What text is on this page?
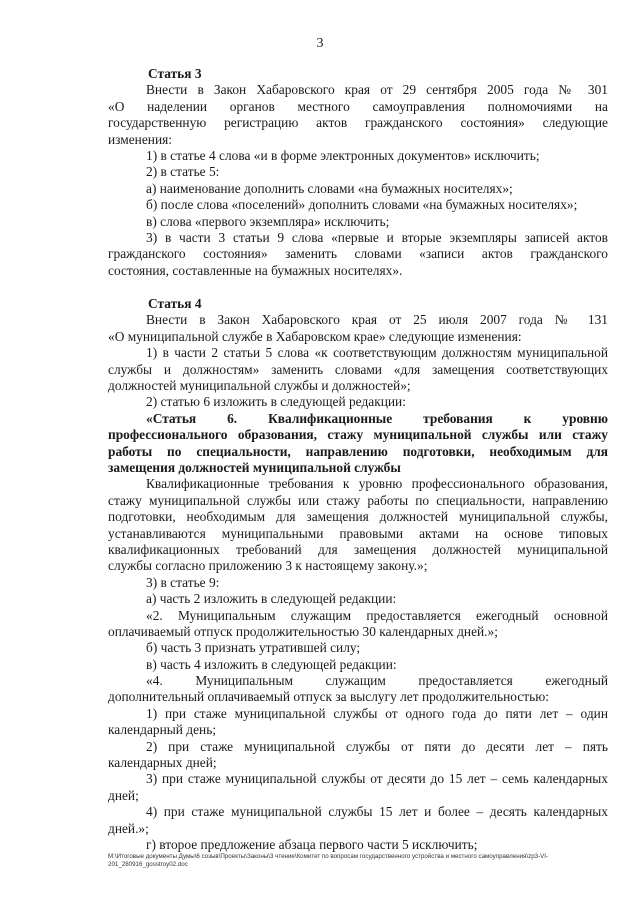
3
Статья 3
Внести в Закон Хабаровского края от 29 сентября 2005 года № 301
«О наделении органов местного самоуправления полномочиями на
государственную регистрацию актов гражданского состояния» следующие
изменения:
1) в статье 4 слова «и в форме электронных документов» исключить;
2) в статье 5:
а) наименование дополнить словами «на бумажных носителях»;
б) после слова «поселений» дополнить словами «на бумажных носителях»;
в) слова «первого экземпляра» исключить;
3) в части 3 статьи 9 слова «первые и вторые экземпляры записей актов
гражданского состояния» заменить словами «записи актов гражданского
состояния, составленные на бумажных носителях».
Статья 4
Внести в Закон Хабаровского края от 25 июля 2007 года № 131
«О муниципальной службе в Хабаровском крае» следующие изменения:
1) в части 2 статьи 5 слова «к соответствующим должностям муниципальной
службы и должностям» заменить словами «для замещения соответствующих
должностей муниципальной службы и должностей»;
2) статью 6 изложить в следующей редакции:
«Статья 6. Квалификационные требования к уровню
профессионального образования, стажу муниципальной службы или стажу
работы по специальности, направлению подготовки, необходимым для
замещения должностей муниципальной службы
Квалификационные требования к уровню профессионального образования,
стажу муниципальной службы или стажу работы по специальности, направлению
подготовки, необходимым для замещения должностей муниципальной службы,
устанавливаются муниципальными правовыми актами на основе типовых
квалификационных требований для замещения должностей муниципальной
службы согласно приложению 3 к настоящему закону.»;
3) в статье 9:
а) часть 2 изложить в следующей редакции:
«2. Муниципальным служащим предоставляется ежегодный основной
оплачиваемый отпуск продолжительностью 30 календарных дней.»;
б) часть 3 признать утратившей силу;
в) часть 4 изложить в следующей редакции:
«4. Муниципальным служащим предоставляется ежегодный
дополнительный оплачиваемый отпуск за выслугу лет продолжительностью:
1) при стаже муниципальной службы от одного года до пяти лет – один
календарный день;
2) при стаже муниципальной службы от пяти до десяти лет – пять
календарных дней;
3) при стаже муниципальной службы от десяти до 15 лет – семь календарных
дней;
4) при стаже муниципальной службы 15 лет и более – десять календарных
дней.»;
г) второе предложение абзаца первого части 5 исключить;
M:\Итоговые документы Думы\6 созыв\Проекты\Законы\3 чтение\Комитет по вопросам государственного устройства и местного самоуправления\zp3-VI-
201_280916_gosstroy02.doc
